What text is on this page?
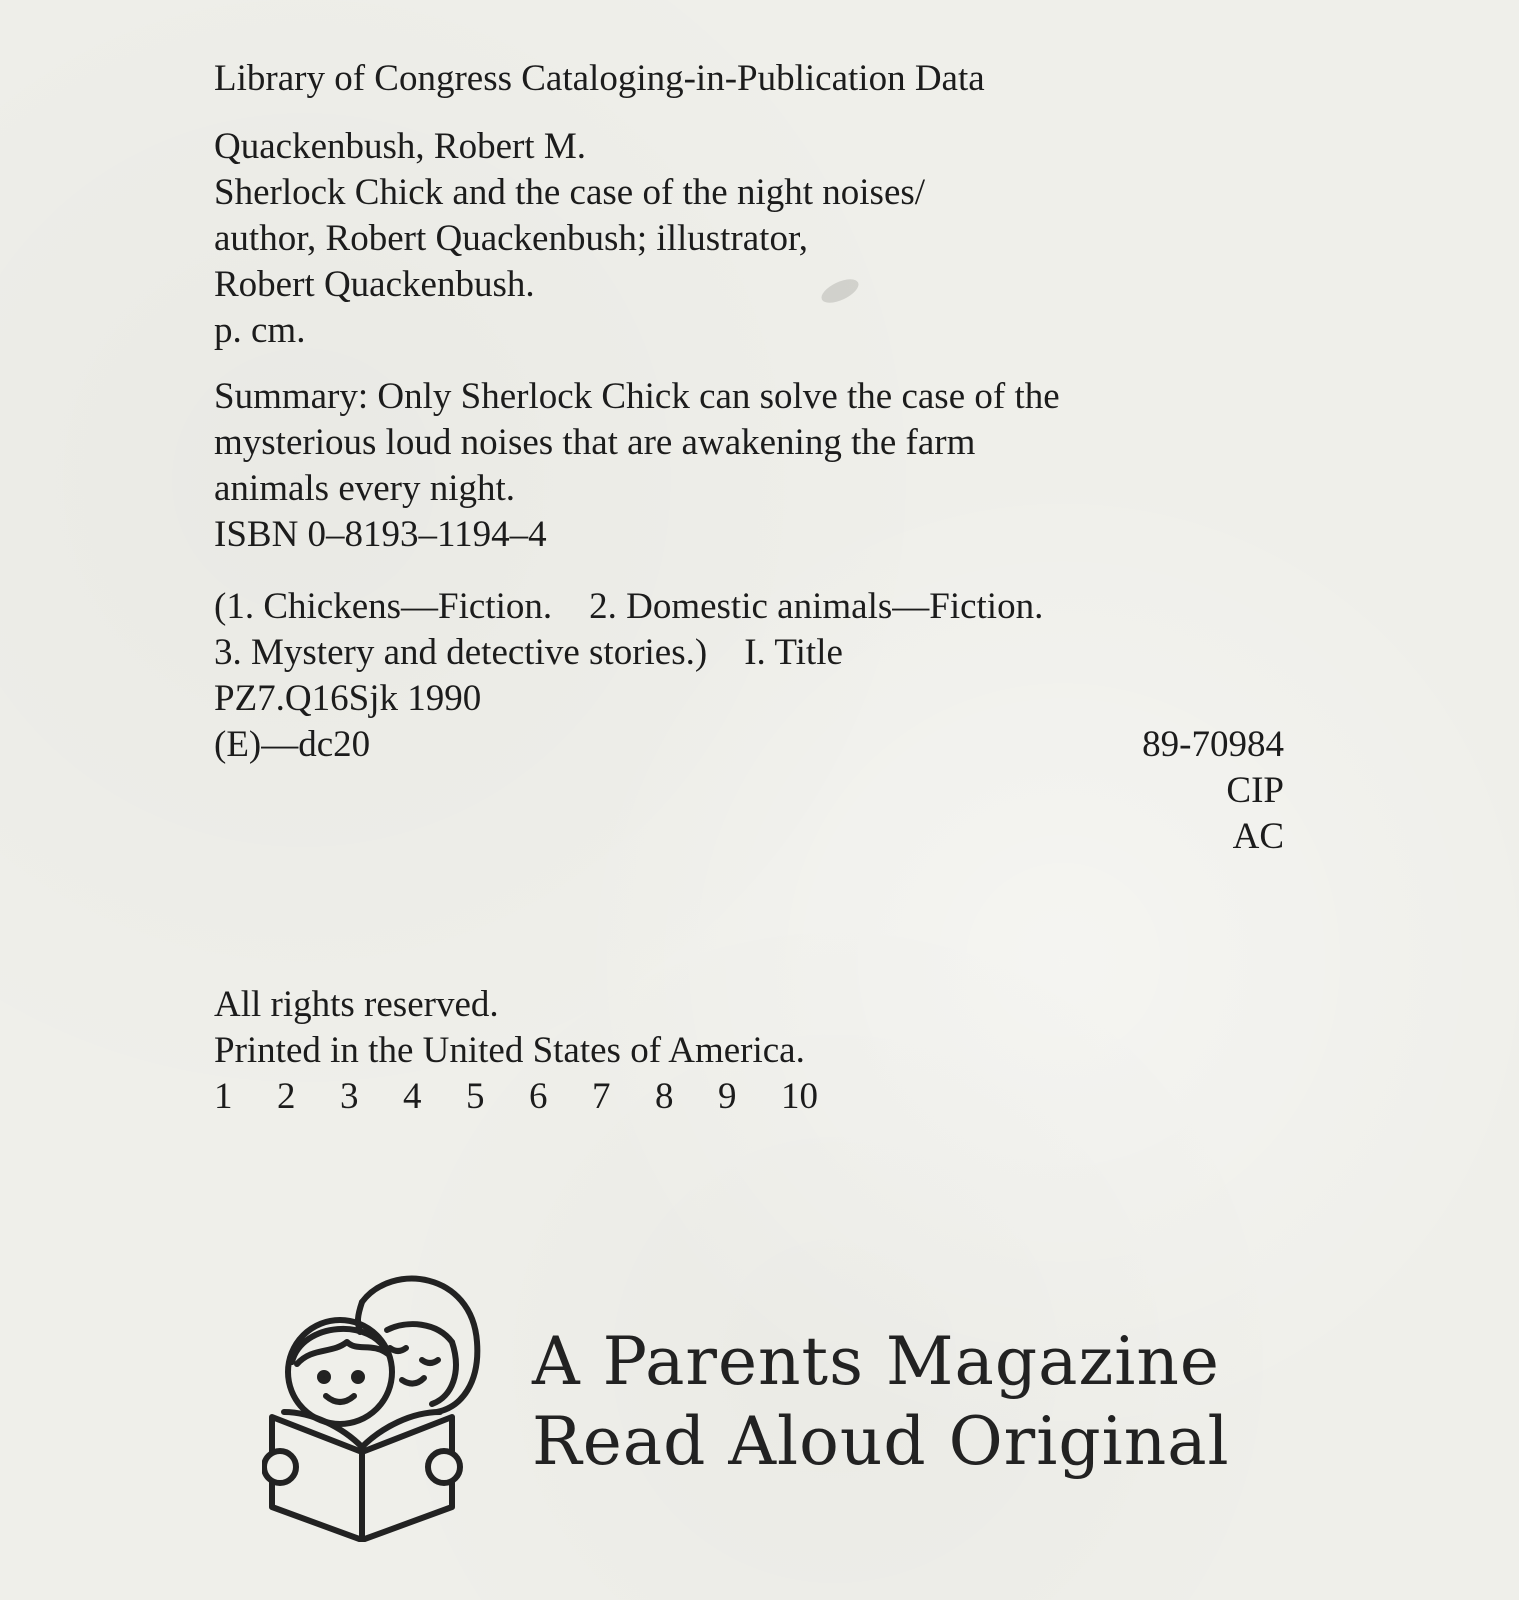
Library of Congress Cataloging-in-Publication Data
Quackenbush, Robert M.
Sherlock Chick and the case of the night noises/
author, Robert Quackenbush; illustrator,
Robert Quackenbush.
p. cm.
Summary: Only Sherlock Chick can solve the case of the
mysterious loud noises that are awakening the farm
animals every night.
ISBN 0–8193–1194–4
(1. Chickens—Fiction.    2. Domestic animals—Fiction.
3. Mystery and detective stories.)    I. Title
PZ7.Q16Sjk 1990
(E)—dc20	89-70984
CIP
AC
All rights reserved.
Printed in the United States of America.
1	2	3	4	5	6	7	8	9	10
A Parents Magazine
Read Aloud Original
